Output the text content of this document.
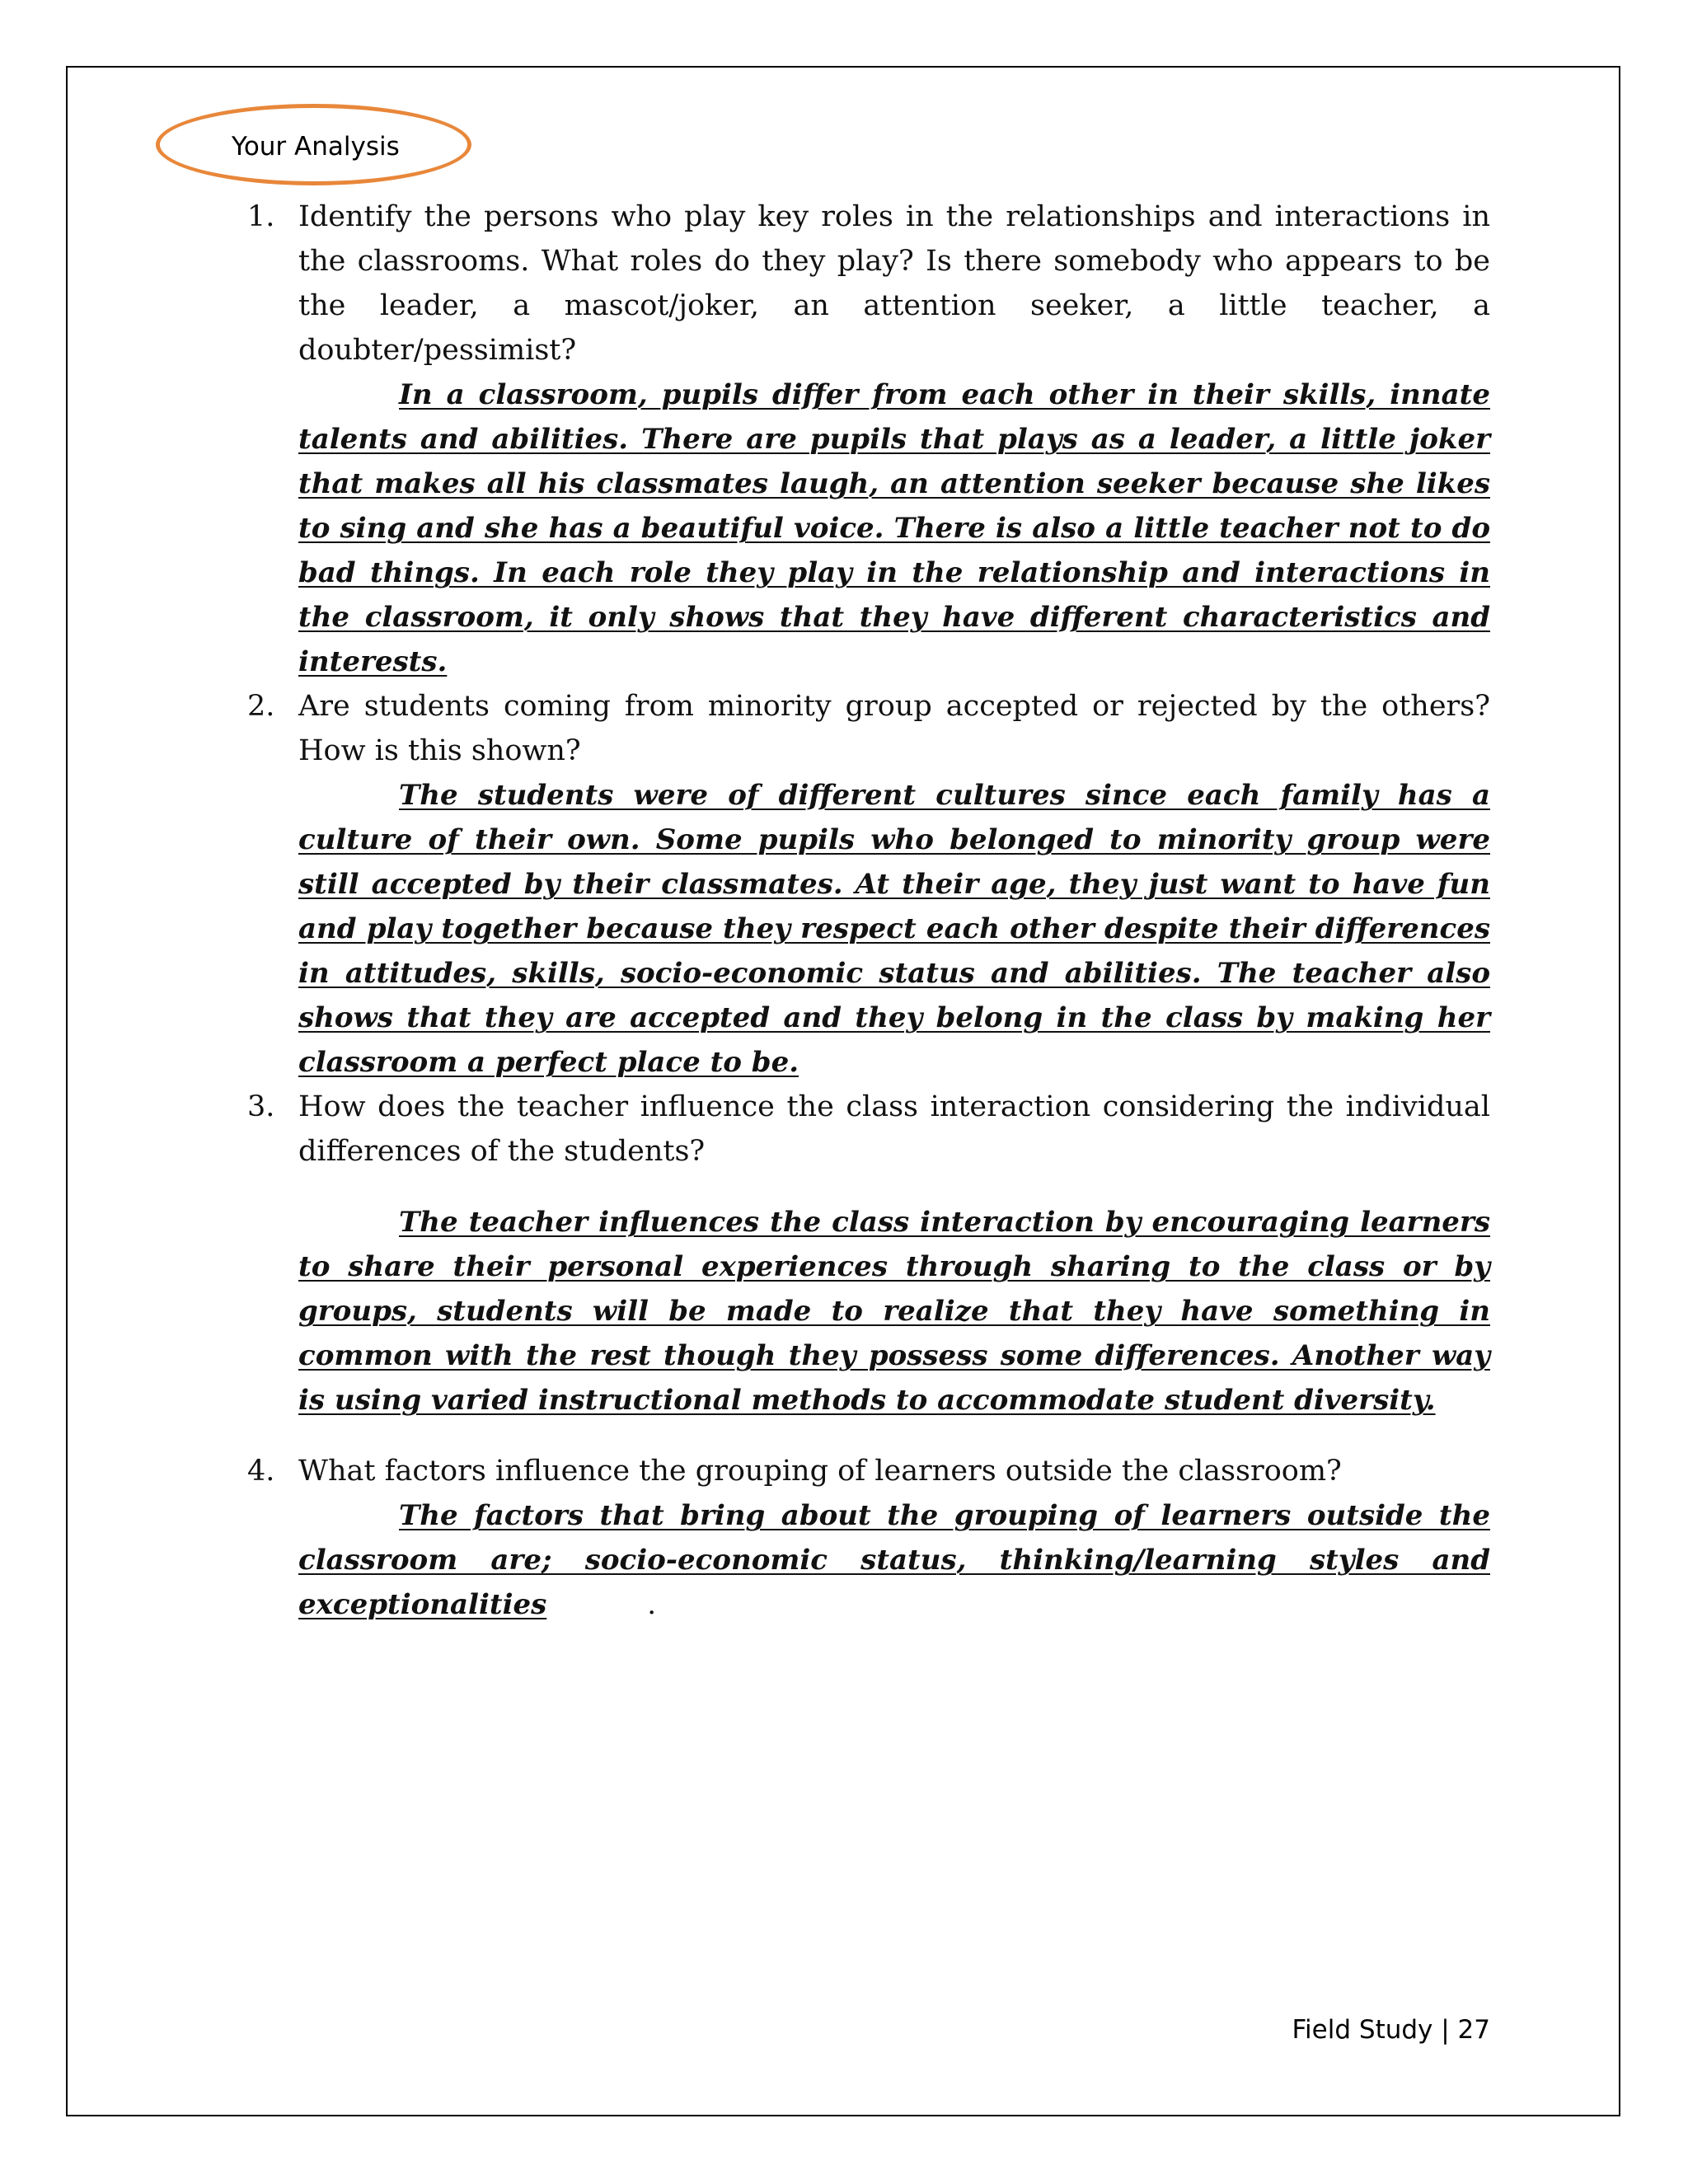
Your Analysis
1. Identify the persons who play key roles in the relationships and interactions in the classrooms. What roles do they play? Is there somebody who appears to be the leader, a mascot/joker, an attention seeker, a little teacher, a doubter/pessimist?

In a classroom, pupils differ from each other in their skills, innate talents and abilities. There are pupils that plays as a leader, a little joker that makes all his classmates laugh, an attention seeker because she likes to sing and she has a beautiful voice. There is also a little teacher not to do bad things. In each role they play in the relationship and interactions in the classroom, it only shows that they have different characteristics and interests.

2. Are students coming from minority group accepted or rejected by the others? How is this shown?

The students were of different cultures since each family has a culture of their own. Some pupils who belonged to minority group were still accepted by their classmates. At their age, they just want to have fun and play together because they respect each other despite their differences in attitudes, skills, socio-economic status and abilities. The teacher also shows that they are accepted and they belong in the class by making her classroom a perfect place to be.

3. How does the teacher influence the class interaction considering the individual differences of the students?

The teacher influences the class interaction by encouraging learners to share their personal experiences through sharing to the class or by groups, students will be made to realize that they have something in common with the rest though they possess some differences. Another way is using varied instructional methods to accommodate student diversity.

4. What factors influence the grouping of learners outside the classroom?

The factors that bring about the grouping of learners outside the classroom are; socio-economic status, thinking/learning styles and exceptionalities	.

Field Study | 27
